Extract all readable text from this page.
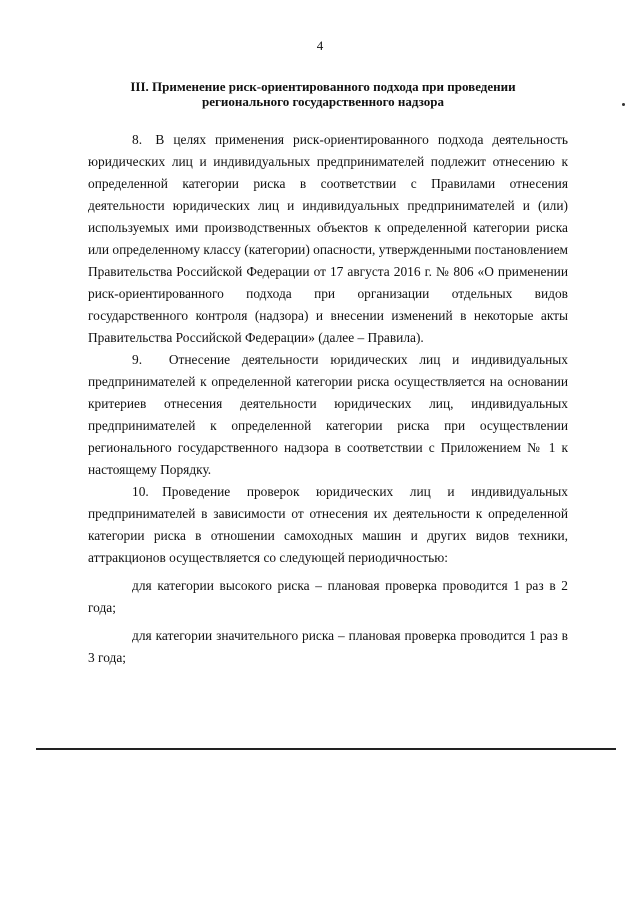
4
III. Применение риск-ориентированного подхода при проведении
регионального государственного надзора

8. В целях применения риск-ориентированного подхода деятельность юридических лиц и индивидуальных предпринимателей подлежит отнесению к определенной категории риска в соответствии с Правилами отнесения деятельности юридических лиц и индивидуальных предпринимателей и (или) используемых ими производственных объектов к определенной категории риска или определенному классу (категории) опасности, утвержденными постановлением Правительства Российской Федерации от 17 августа 2016 г. № 806 «О применении риск-ориентированного подхода при организации отдельных видов государственного контроля (надзора) и внесении изменений в некоторые акты Правительства Российской Федерации» (далее – Правила).

9.  Отнесение деятельности юридических лиц и индивидуальных предпринимателей к определенной категории риска осуществляется на основании критериев отнесения деятельности юридических лиц, индивидуальных предпринимателей к определенной категории риска при осуществлении регионального государственного надзора в соответствии с Приложением № 1 к настоящему Порядку.

10. Проведение проверок юридических лиц и индивидуальных предпринимателей в зависимости от отнесения их деятельности к определенной категории риска в отношении самоходных машин и других видов техники, аттракционов осуществляется со следующей периодичностью:

для категории высокого риска – плановая проверка проводится 1 раз в 2 года;

для категории значительного риска – плановая проверка проводится 1 раз в 3 года;
